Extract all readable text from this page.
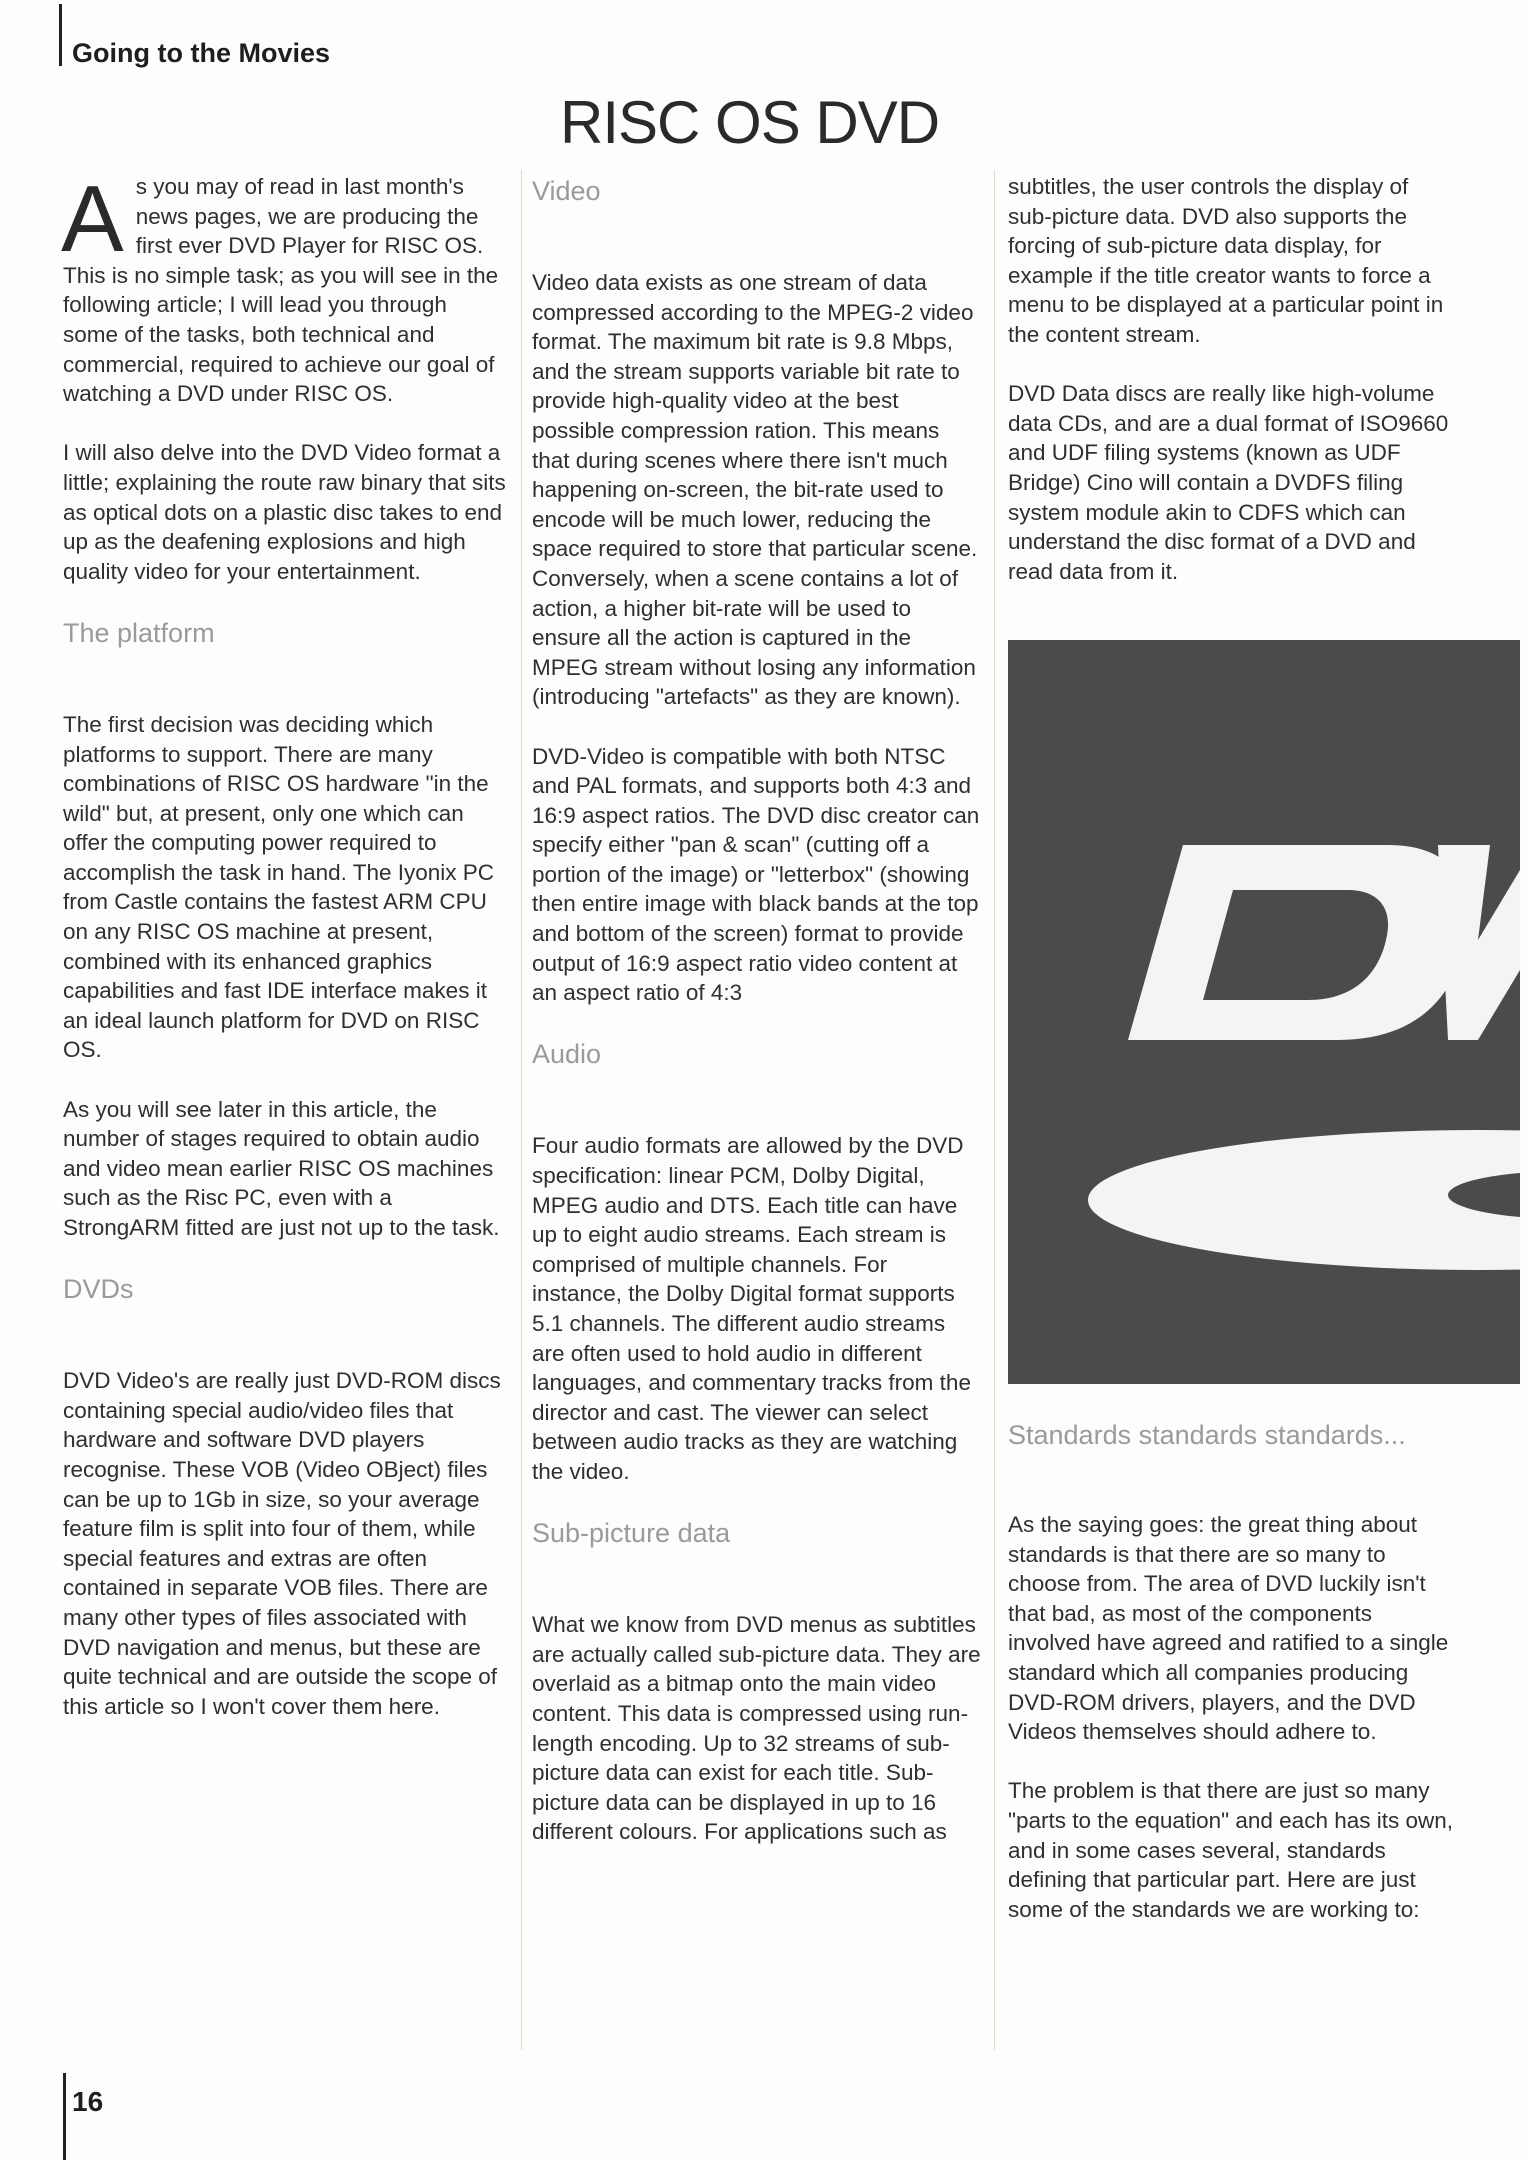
Going to the Movies
RISC OS DVD

As you may of read in last month's news pages, we are producing the first ever DVD Player for RISC OS. This is no simple task; as you will see in the following article; I will lead you through some of the tasks, both technical and commercial, required to achieve our goal of watching a DVD under RISC OS.

I will also delve into the DVD Video format a little; explaining the route raw binary that sits as optical dots on a plastic disc takes to end up as the deafening explosions and high quality video for your entertainment.

The platform

The first decision was deciding which platforms to support. There are many combinations of RISC OS hardware "in the wild" but, at present, only one which can offer the computing power required to accomplish the task in hand. The Iyonix PC from Castle contains the fastest ARM CPU on any RISC OS machine at present, combined with its enhanced graphics capabilities and fast IDE interface makes it an ideal launch platform for DVD on RISC OS.

As you will see later in this article, the number of stages required to obtain audio and video mean earlier RISC OS machines such as the Risc PC, even with a StrongARM fitted are just not up to the task.

DVDs

DVD Video's are really just DVD-ROM discs containing special audio/video files that hardware and software DVD players recognise. These VOB (Video OBject) files can be up to 1Gb in size, so your average feature film is split into four of them, while special features and extras are often contained in separate VOB files. There are many other types of files associated with DVD navigation and menus, but these are quite technical and are outside the scope of this article so I won't cover them here.

Video

Video data exists as one stream of data compressed according to the MPEG-2 video format. The maximum bit rate is 9.8 Mbps, and the stream supports variable bit rate to provide high-quality video at the best possible compression ration. This means that during scenes where there isn't much happening on-screen, the bit-rate used to encode will be much lower, reducing the space required to store that particular scene. Conversely, when a scene contains a lot of action, a higher bit-rate will be used to ensure all the action is captured in the MPEG stream without losing any information (introducing "artefacts" as they are known).

DVD-Video is compatible with both NTSC and PAL formats, and supports both 4:3 and 16:9 aspect ratios. The DVD disc creator can specify either "pan & scan" (cutting off a portion of the image) or "letterbox" (showing then entire image with black bands at the top and bottom of the screen) format to provide output of 16:9 aspect ratio video content at an aspect ratio of 4:3

Audio

Four audio formats are allowed by the DVD specification: linear PCM, Dolby Digital, MPEG audio and DTS. Each title can have up to eight audio streams. Each stream is comprised of multiple channels. For instance, the Dolby Digital format supports 5.1 channels. The different audio streams are often used to hold audio in different languages, and commentary tracks from the director and cast. The viewer can select between audio tracks as they are watching the video.

Sub-picture data

What we know from DVD menus as subtitles are actually called sub-picture data. They are overlaid as a bitmap onto the main video content. This data is compressed using run-length encoding. Up to 32 streams of sub-picture data can exist for each title. Sub-picture data can be displayed in up to 16 different colours. For applications such as

subtitles, the user controls the display of sub-picture data. DVD also supports the forcing of sub-picture data display, for example if the title creator wants to force a menu to be displayed at a particular point in the content stream.

DVD Data discs are really like high-volume data CDs, and are a dual format of ISO9660 and UDF filing systems (known as UDF Bridge) Cino will contain a DVDFS filing system module akin to CDFS which can understand the disc format of a DVD and read data from it.

Standards standards standards...

As the saying goes: the great thing about standards is that there are so many to choose from. The area of DVD luckily isn't that bad, as most of the components involved have agreed and ratified to a single standard which all companies producing DVD-ROM drivers, players, and the DVD Videos themselves should adhere to.

The problem is that there are just so many "parts to the equation" and each has its own, and in some cases several, standards defining that particular part. Here are just some of the standards we are working to:

16
